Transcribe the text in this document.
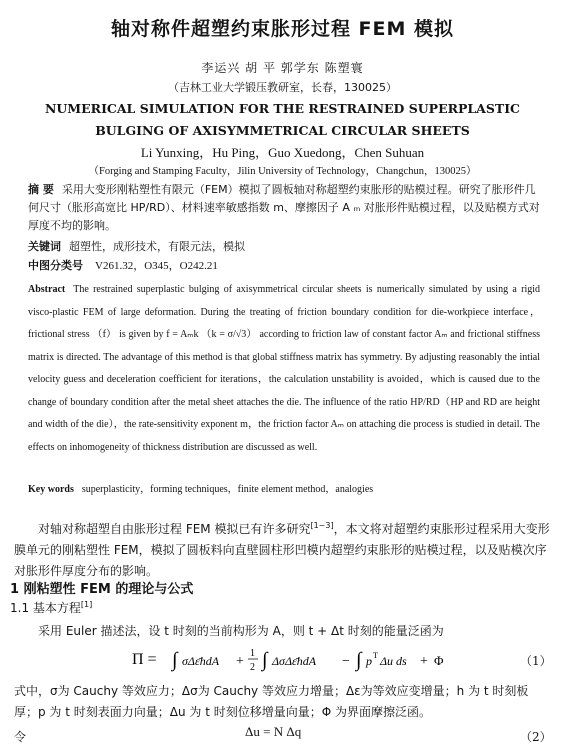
轴对称件超塑约束胀形过程 FEM 模拟
李运兴 胡 平 郭学东 陈塑寰
（吉林工业大学锻压教研室，长春，130025）
NUMERICAL SIMULATION FOR THE RESTRAINED SUPERPLASTIC
BULGING OF AXISYMMETRICAL CIRCULAR SHEETS
Li Yunxing，Hu Ping，Guo Xuedong，Chen Suhuan
（Forging and Stamping Faculty，Jilin University of Technology，Changchun，130025）
摘 要 采用大变形刚粘塑性有限元（FEM）模拟了圆板轴对称超塑约束胀形的贴模过程。研究了胀形件几何尺寸（胀形高宽比 HP/RD）、材料速率敏感指数 m、摩擦因子 A ₘ 对胀形件贴模过程，以及贴模方式对厚度不均的影响。
关键词 超塑性，成形技术，有限元法，模拟
中图分类号 V261.32，O345，O242.21
Abstract The restrained superplastic bulging of axisymmetrical circular sheets is numerically simulated by using a rigid visco-plastic FEM of large deformation. During the treating of friction boundary condition for die-workpiece interface，frictional stress （f） is given by f = Aₘk （k = σ/√3） according to friction law of constant factor Aₘ and frictional stiffness matrix is directed. The advantage of this method is that global stiffness matrix has symmetry. By adjusting reasonably the intial velocity guess and deceleration coefficient for iterations，the calculation unstability is avoided，which is caused due to the change of boundary condition after the metal sheet attaches the die. The influence of the ratio HP/RD（HP and RD are height and width of the die），the rate-sensitivity exponent m，the friction factor Aₘ on attaching die process is studied in detail. The effects on inhomogeneity of thickness distribution are discussed as well.
Key words superplasticity，forming techniques，finite element method，analogies
对轴对称超塑自由胀形过程 FEM 模拟已有许多研究[1~3]，本文将对超塑约束胀形过程采用大变形膜单元的刚粘塑性 FEM，模拟了圆板料向直壁圆柱形凹模内超塑约束胀形的贴模过程，以及贴模次序对胀形件厚度分布的影响。
1 刚粘塑性 FEM 的理论与公式
1.1 基本方程[1]
采用 Euler 描述法，设 t 时刻的当前构形为 A，则 t + Δt 时刻的能量泛函为
Π = ∫ σΔε̄hdA +
1
2 ∫ ΔσΔε̄hdA − ∫ p T Δu ds + Φ	（1）
式中，σ为 Cauchy 等效应力；Δσ为 Cauchy 等效应力增量；Δε为等效应变增量；h 为 t 时刻板厚；p 为 t 时刻表面力向量；Δu 为 t 时刻位移增量向量；Φ 为界面摩擦泛函。
令	Δu = N Δq	（2）
